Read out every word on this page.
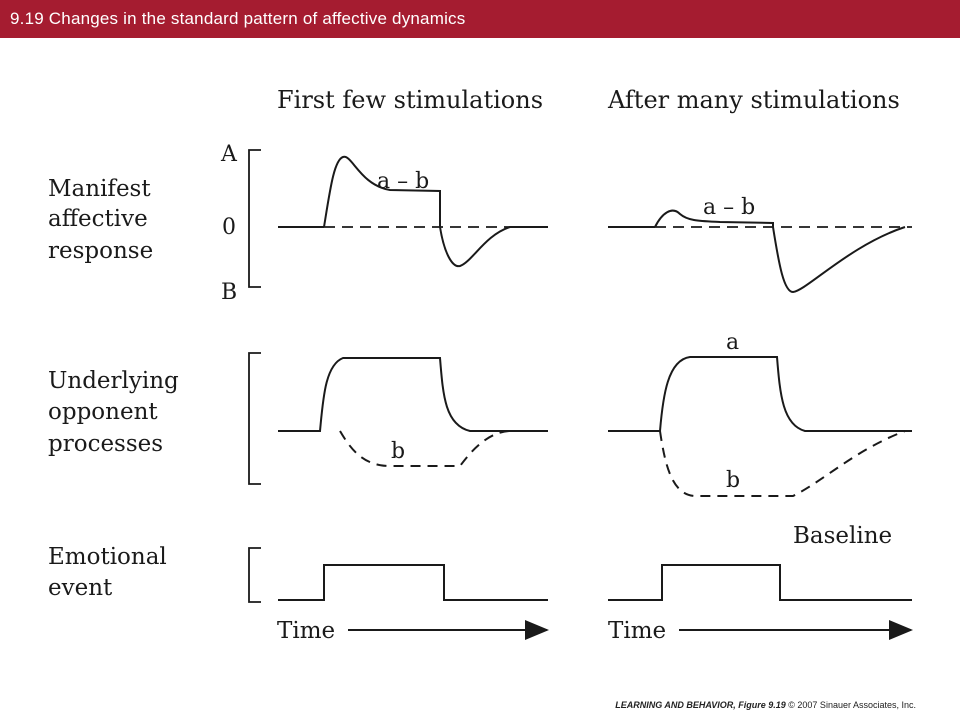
9.19 Changes in the standard pattern of affective dynamics
First few stimulations	After many stimulations
Manifest
affective
response
Underlying
opponent
processes
Emotional
event
A
0
B
a – b
a – b
b
a
b
Baseline
Time	Time
LEARNING AND BEHAVIOR, Figure 9.19 © 2007 Sinauer Associates, Inc.
